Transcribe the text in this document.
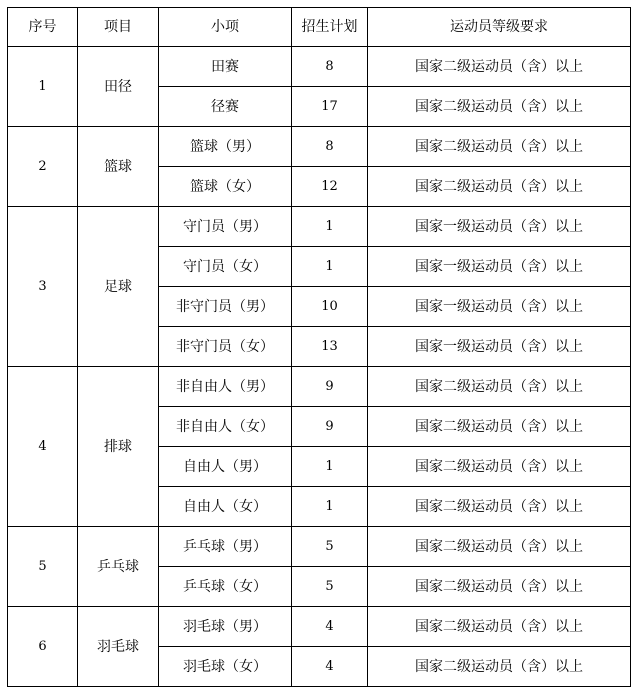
序号	项目	小项	招生计划	运动员等级要求
1	田径	田赛	8	国家二级运动员（含）以上
		径赛	17	国家二级运动员（含）以上
2	篮球	篮球（男）	8	国家二级运动员（含）以上
		篮球（女）	12	国家二级运动员（含）以上
3	足球	守门员（男）	1	国家一级运动员（含）以上
		守门员（女）	1	国家一级运动员（含）以上
		非守门员（男）	10	国家一级运动员（含）以上
		非守门员（女）	13	国家一级运动员（含）以上
4	排球	非自由人（男）	9	国家二级运动员（含）以上
		非自由人（女）	9	国家二级运动员（含）以上
		自由人（男）	1	国家二级运动员（含）以上
		自由人（女）	1	国家二级运动员（含）以上
5	乒乓球	乒乓球（男）	5	国家二级运动员（含）以上
		乒乓球（女）	5	国家二级运动员（含）以上
6	羽毛球	羽毛球（男）	4	国家二级运动员（含）以上
		羽毛球（女）	4	国家二级运动员（含）以上
